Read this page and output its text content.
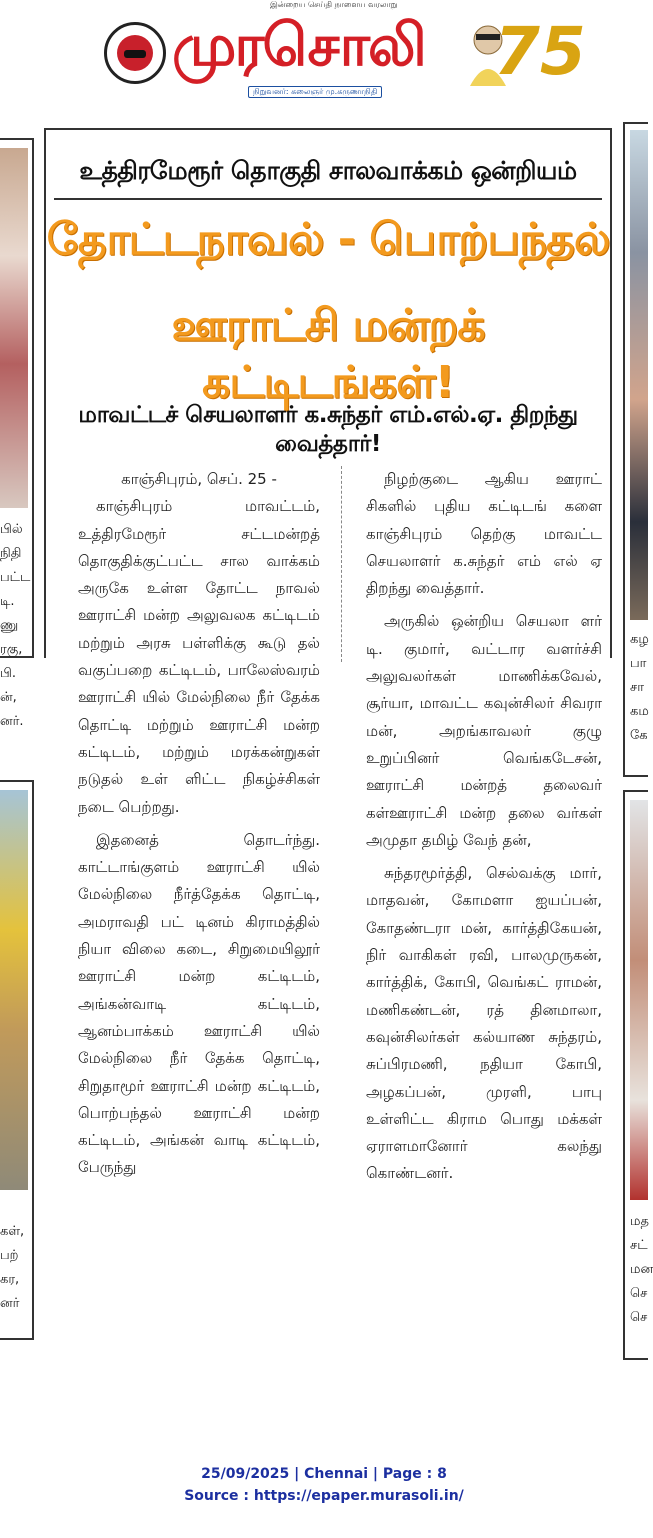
இன்றைய செய்தி நாளைய வரலாறு
முரசொலி
நிறுவனர்: கலைஞர் மு.கருணாநிதி
75
பில்
நிதி
பட்ட
டி.
ணு
ரகு,
பி.
ன்,
னர்.
கள்,
பற்
கர,
னர்
கழ
பா
சா
கம
கே
மத
சட்
மன
செ
செ
உத்திரமேரூர் தொகுதி சாலவாக்கம் ஒன்றியம்
தோட்டநாவல் - பொற்பந்தல்
ஊராட்சி மன்றக் கட்டிடங்கள்!
மாவட்டச் செயலாளர் க.சுந்தர் எம்.எல்.ஏ. திறந்து வைத்தார்!

காஞ்சிபுரம், செப். 25 -

காஞ்சிபுரம் மாவட்டம், உத்திரமேரூர் சட்டமன்றத் தொகுதிக்குட்பட்ட சால வாக்கம் அருகே உள்ள தோட்ட நாவல் ஊராட்சி மன்ற அலுவலக கட்டிடம் மற்றும் அரசு பள்ளிக்கு கூடு தல் வகுப்பறை கட்டிடம், பாலேஸ்வரம் ஊராட்சி யில் மேல்நிலை நீர் தேக்க தொட்டி மற்றும் ஊராட்சி மன்ற கட்டிடம், மற்றும் மரக்கன்றுகள் நடுதல் உள் ளிட்ட நிகழ்ச்சிகள் நடை பெற்றது.

இதனைத் தொடர்ந்து. காட்டாங்குளம் ஊராட்சி யில் மேல்நிலை நீர்த்தேக்க தொட்டி, அமராவதி பட் டினம் கிராமத்தில் நியா விலை கடை, சிறுமையிலூர் ஊராட்சி மன்ற கட்டிடம், அங்கன்வாடி கட்டிடம், ஆனம்பாக்கம் ஊராட்சி யில் மேல்நிலை நீர் தேக்க தொட்டி, சிறுதாமூர் ஊராட்சி மன்ற கட்டிடம், பொற்பந்தல் ஊராட்சி மன்ற கட்டிடம், அங்கன் வாடி கட்டிடம், பேருந்து

நிழற்குடை ஆகிய ஊராட் சிகளில் புதிய கட்டிடங் களை காஞ்சிபுரம் தெற்கு மாவட்ட செயலாளர் க.சுந்தர் எம் எல் ஏ திறந்து வைத்தார்.

அருகில் ஒன்றிய செயலா ளர் டி. குமார், வட்டார வளர்ச்சி அலுவலர்கள் மாணிக்கவேல், சூர்யா, மாவட்ட கவுன்சிலர் சிவரா மன், அறங்காவலர் குழு உறுப்பினர் வெங்கடேசன், ஊராட்சி மன்றத் தலைவர் கள்ஊராட்சி மன்ற தலை வர்கள் அமுதா தமிழ் வேந் தன்,

சுந்தரமூர்த்தி, செல்வக்கு மார், மாதவன், கோமளா ஐயப்பன், கோதண்டரா மன், கார்த்திகேயன், நிர் வாகிகள் ரவி, பாலமுருகன், கார்த்திக், கோபி, வெங்கட் ராமன், மணிகண்டன், ரத் தினமாலா, கவுன்சிலர்கள் கல்யாண சுந்தரம், சுப்பிரமணி, நதியா கோபி, அழகப்பன், முரளி, பாபு உள்ளிட்ட கிராம பொது மக்கள் ஏராளமானோர் கலந்து கொண்டனர்.

25/09/2025 | Chennai | Page : 8
Source : https://epaper.murasoli.in/
